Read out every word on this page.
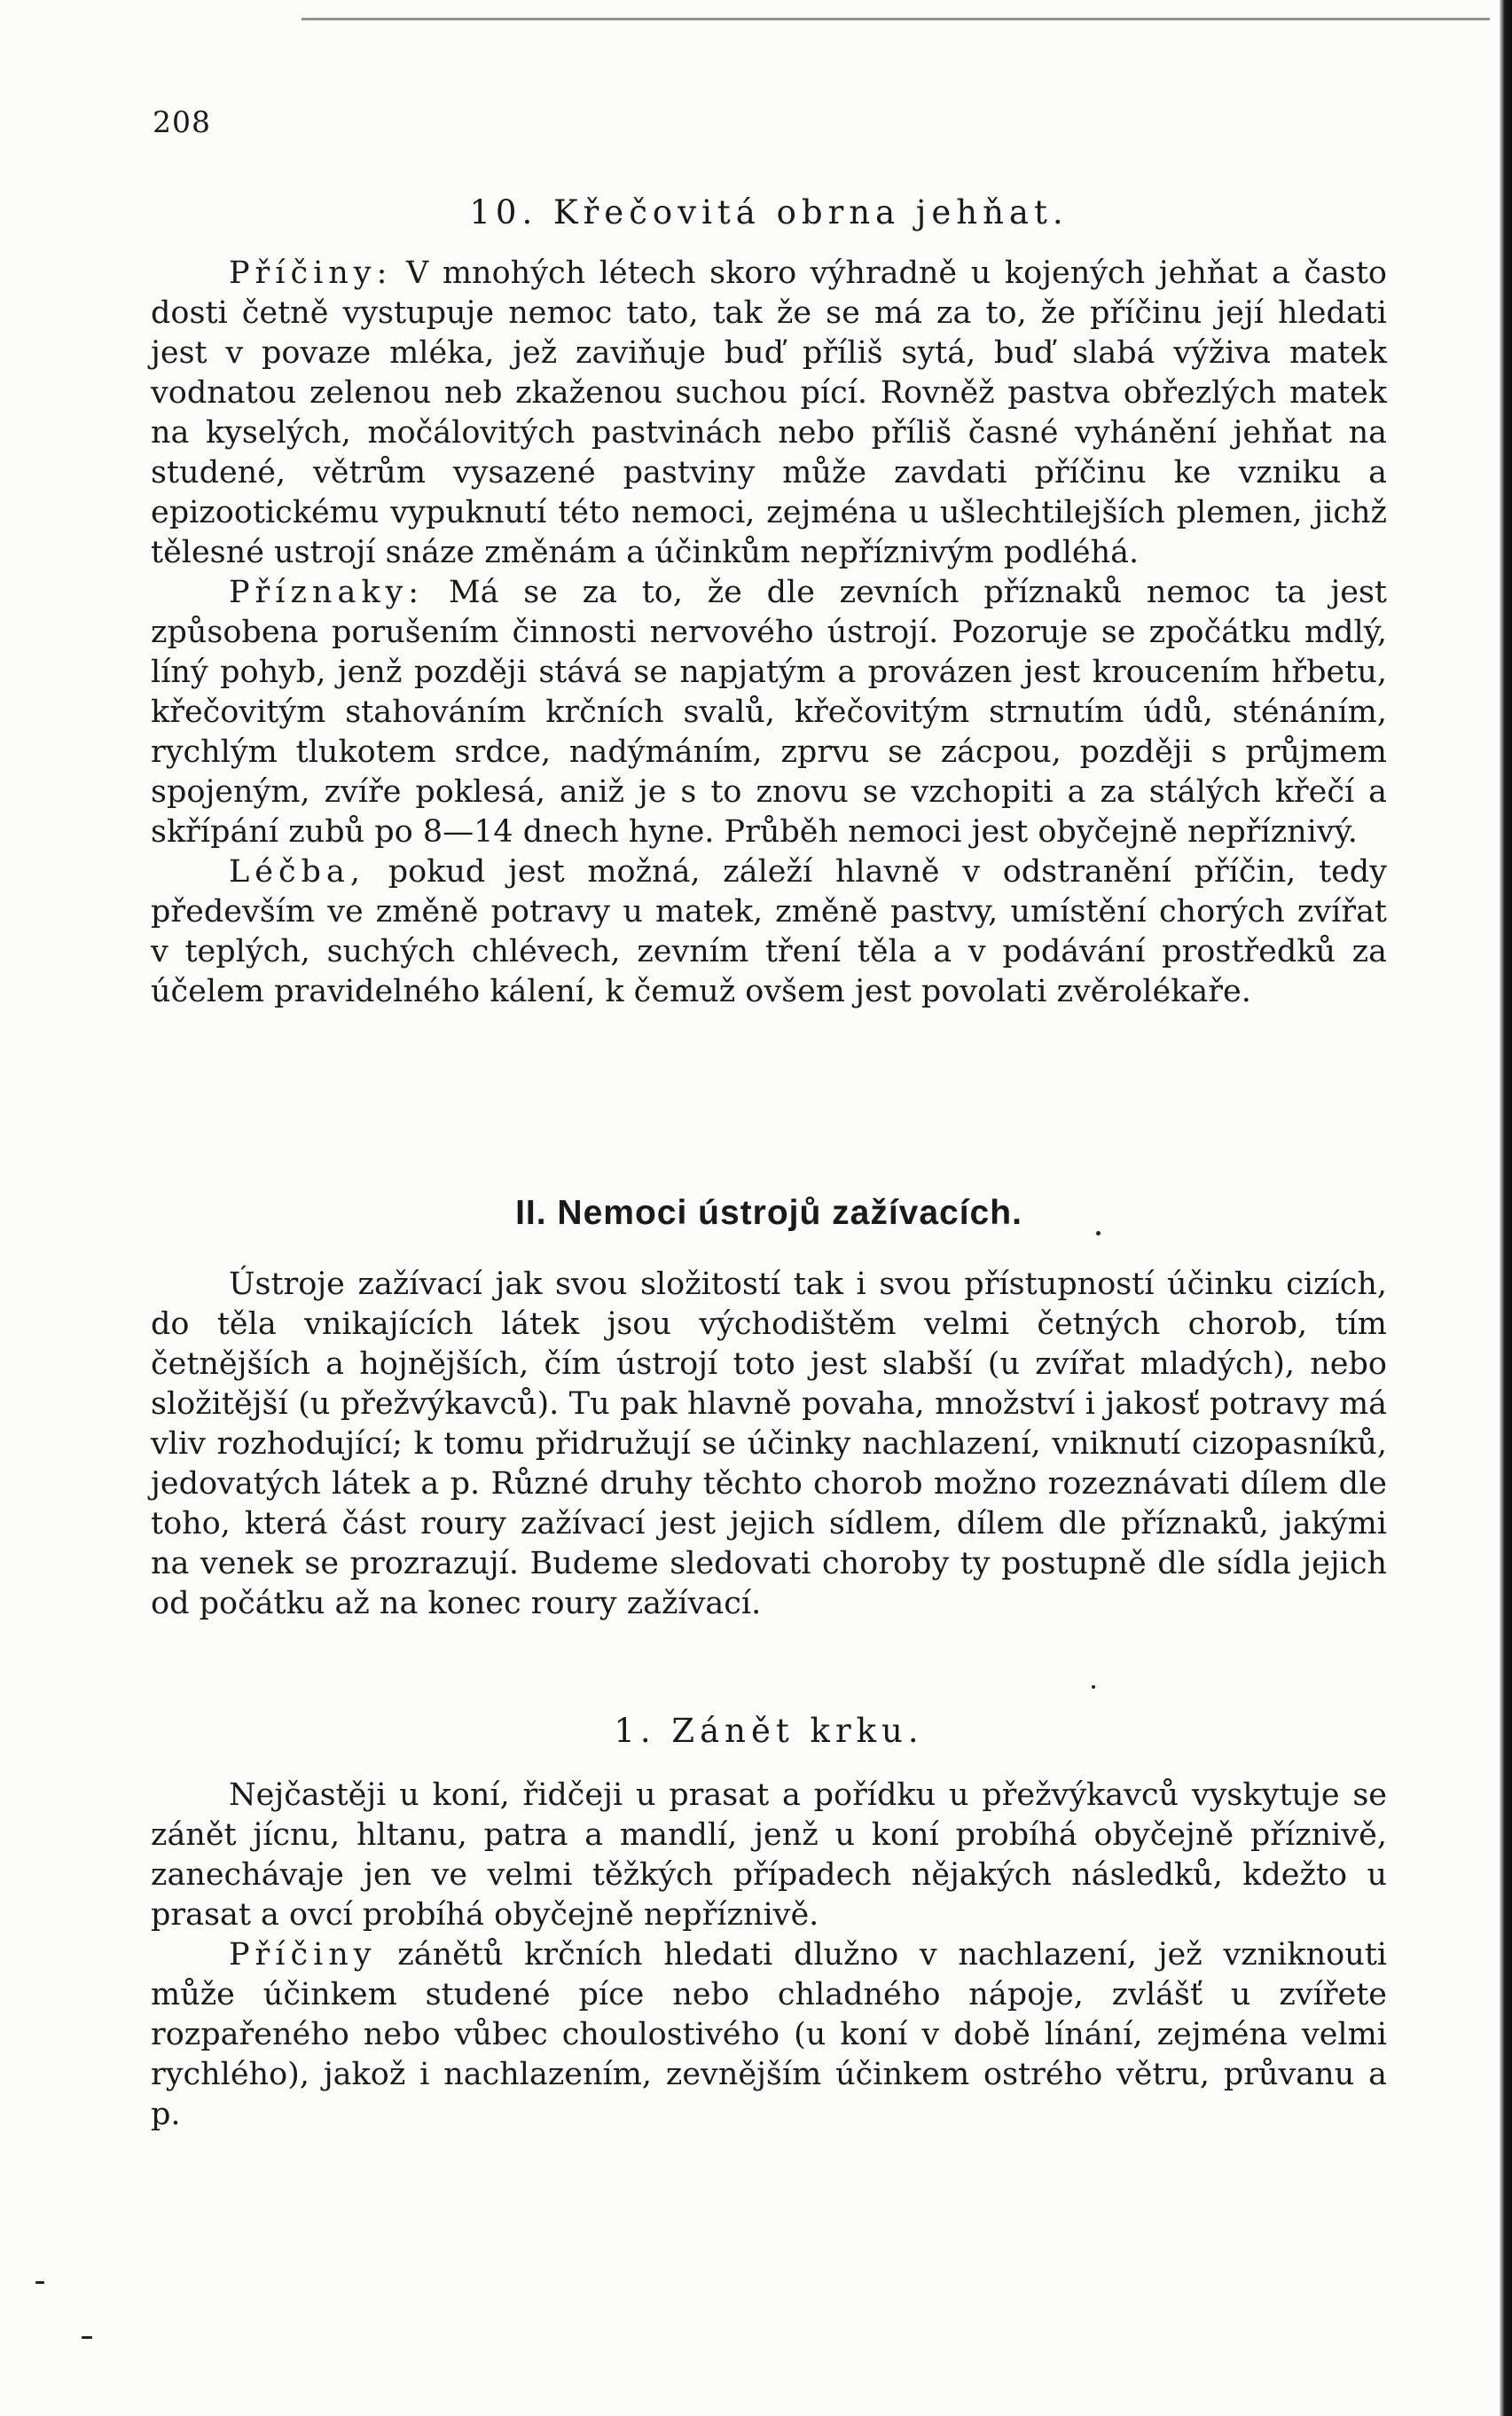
208
10. Křečovitá obrna jehňat.

Příčiny: V mnohých létech skoro výhradně u kojených jehňat a často dosti četně vystupuje nemoc tato, tak že se má za to, že příčinu její hledati jest v povaze mléka, jež zaviňuje buď příliš sytá, buď slabá výživa matek vodnatou zelenou neb zkaženou suchou pící. Rovněž pastva obřezlých matek na kyselých, močálovitých pastvinách nebo příliš časné vyhánění jehňat na studené, větrům vysazené pastviny může zavdati příčinu ke vzniku a epizootickému vypuknutí této nemoci, zejména u ušlechtilejších plemen, jichž tělesné ustrojí snáze změnám a účinkům nepříznivým podléhá.

Příznaky: Má se za to, že dle zevních příznaků nemoc ta jest způsobena porušením činnosti nervového ústrojí. Pozoruje se zpočátku mdlý, líný pohyb, jenž později stává se napjatým a provázen jest kroucením hřbetu, křečovitým stahováním krčních svalů, křečovitým strnutím údů, sténáním, rychlým tlukotem srdce, nadýmáním, zprvu se zácpou, později s průjmem spojeným, zvíře poklesá, aniž je s to znovu se vzchopiti a za stálých křečí a skřípání zubů po 8—14 dnech hyne. Průběh nemoci jest obyčejně nepříznivý.

Léčba, pokud jest možná, záleží hlavně v odstranění příčin, tedy především ve změně potravy u matek, změně pastvy, umístění chorých zvířat v teplých, suchých chlévech, zevním tření těla a v podávání prostředků za účelem pravidelného kálení, k čemuž ovšem jest povolati zvěrolékaře.

II. Nemoci ústrojů zažívacích.

Ústroje zažívací jak svou složitostí tak i svou přístupností účinku cizích, do těla vnikajících látek jsou východištěm velmi četných chorob, tím četnějších a hojnějších, čím ústrojí toto jest slabší (u zvířat mladých), nebo složitější (u přežvýkavců). Tu pak hlavně povaha, množství i jakosť potravy má vliv rozhodující; k tomu přidružují se účinky nachlazení, vniknutí cizopasníků, jedovatých látek a p. Různé druhy těchto chorob možno rozeznávati dílem dle toho, která část roury zažívací jest jejich sídlem, dílem dle příznaků, jakými na venek se prozrazují. Budeme sledovati choroby ty postupně dle sídla jejich od počátku až na konec roury zažívací.

1. Zánět krku.

Nejčastěji u koní, řidčeji u prasat a pořídku u přežvýkavců vyskytuje se zánět jícnu, hltanu, patra a mandlí, jenž u koní probíhá obyčejně příznivě, zanechávaje jen ve velmi těžkých případech nějakých následků, kdežto u prasat a ovcí probíhá obyčejně nepříznivě.

Příčiny zánětů krčních hledati dlužno v nachlazení, jež vzniknouti může účinkem studené píce nebo chladného nápoje, zvlášť u zvířete rozpařeného nebo vůbec choulostivého (u koní v době línání, zejména velmi rychlého), jakož i nachlazením, zevnějším účinkem ostrého větru, průvanu a p.
